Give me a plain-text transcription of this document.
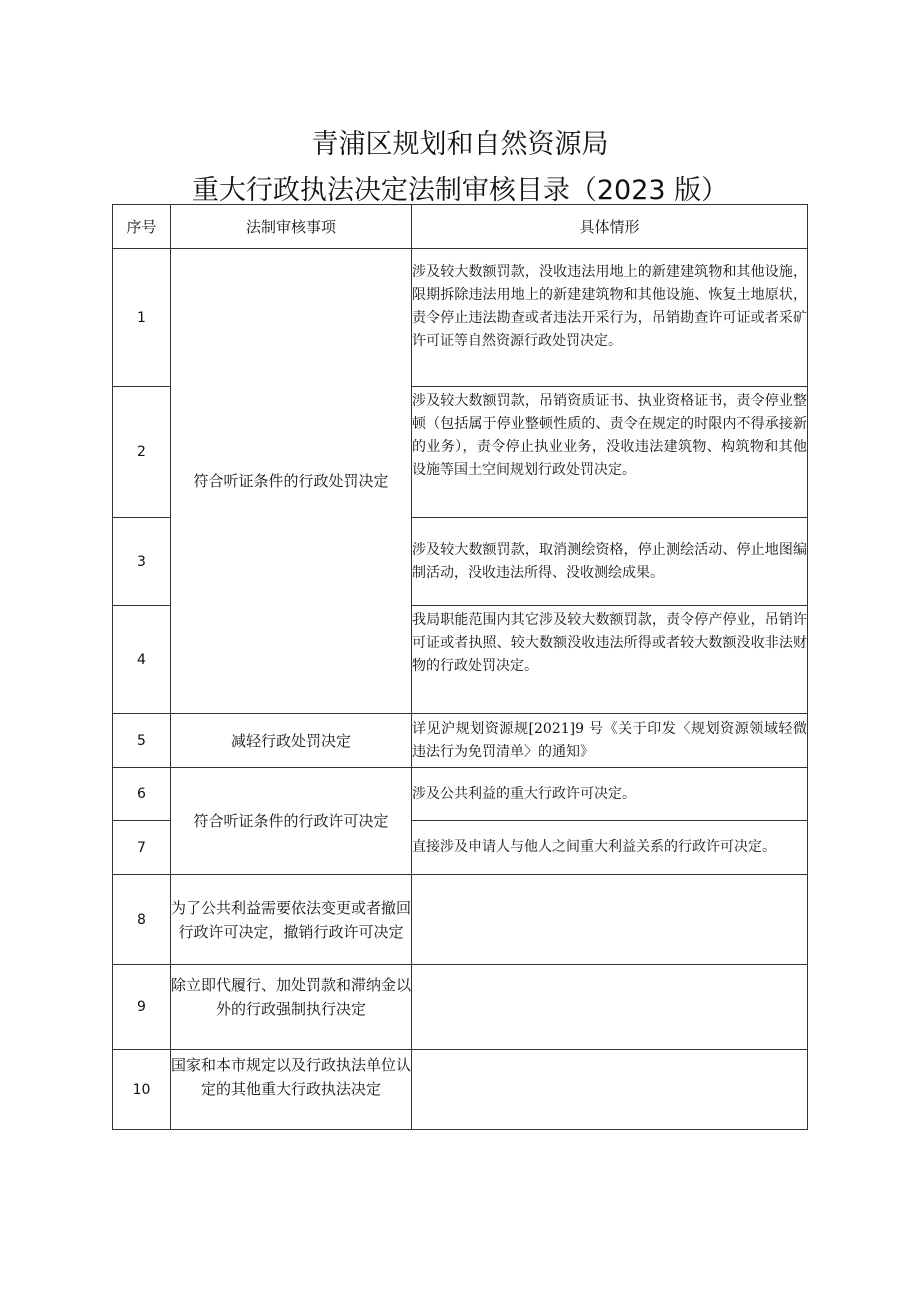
青浦区规划和自然资源局
重大行政执法决定法制审核目录（2023 版）
序号	法制审核事项	具体情形
1	符合听证条件的行政处罚决定	涉及较大数额罚款，没收违法用地上的新建建筑物和其他设施，限期拆除违法用地上的新建建筑物和其他设施、恢复土地原状，责令停止违法勘查或者违法开采行为，吊销勘查许可证或者采矿许可证等自然资源行政处罚决定。
2		涉及较大数额罚款，吊销资质证书、执业资格证书，责令停业整顿（包括属于停业整顿性质的、责令在规定的时限内不得承接新的业务），责令停止执业业务，没收违法建筑物、构筑物和其他设施等国土空间规划行政处罚决定。
3		涉及较大数额罚款，取消测绘资格，停止测绘活动、停止地图编制活动，没收违法所得、没收测绘成果。
4		我局职能范围内其它涉及较大数额罚款，责令停产停业，吊销许可证或者执照、较大数额没收违法所得或者较大数额没收非法财物的行政处罚决定。
5	减轻行政处罚决定	详见沪规划资源规[2021]9 号《关于印发〈规划资源领域轻微违法行为免罚清单〉的通知》
6	符合听证条件的行政许可决定	涉及公共利益的重大行政许可决定。
7		直接涉及申请人与他人之间重大利益关系的行政许可决定。
8	为了公共利益需要依法变更或者撤回行政许可决定，撤销行政许可决定	
9	除立即代履行、加处罚款和滞纳金以外的行政强制执行决定	
10	国家和本市规定以及行政执法单位认定的其他重大行政执法决定	
